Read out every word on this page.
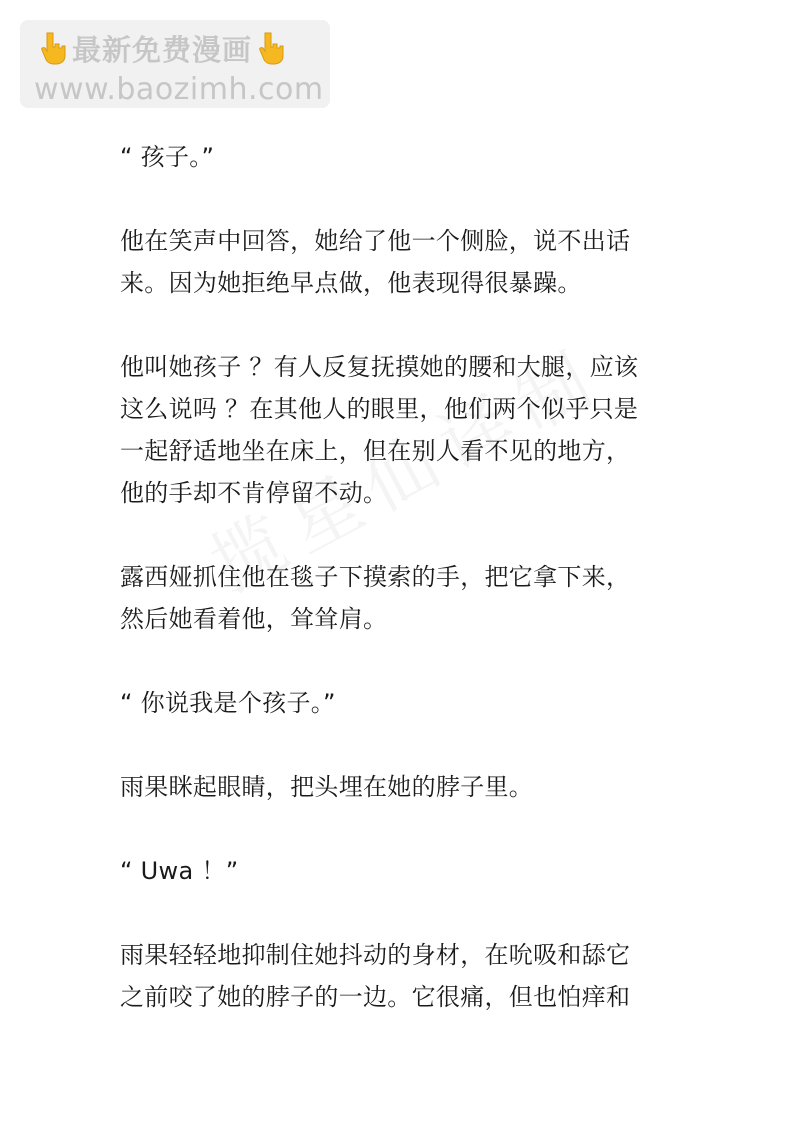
最新免费漫画
www.baozimh.com
“ 孩子。”
他在笑声中回答，她给了他一个侧脸，说不出话
来。因为她拒绝早点做，他表现得很暴躁。
他叫她孩子 ？有人反复抚摸她的腰和大腿，应该
这么说吗 ？在其他人的眼里，他们两个似乎只是
一起舒适地坐在床上，但在别人看不见的地方，
他的手却不肯停留不动。
露西娅抓住他在毯子下摸索的手，把它拿下来，
然后她看着他，耸耸肩。
“ 你说我是个孩子。”
雨果眯起眼睛，把头埋在她的脖子里。
“ Uwa ！”
雨果轻轻地抑制住她抖动的身材，在吮吸和舔它
之前咬了她的脖子的一边。它很痛，但也怕痒和
